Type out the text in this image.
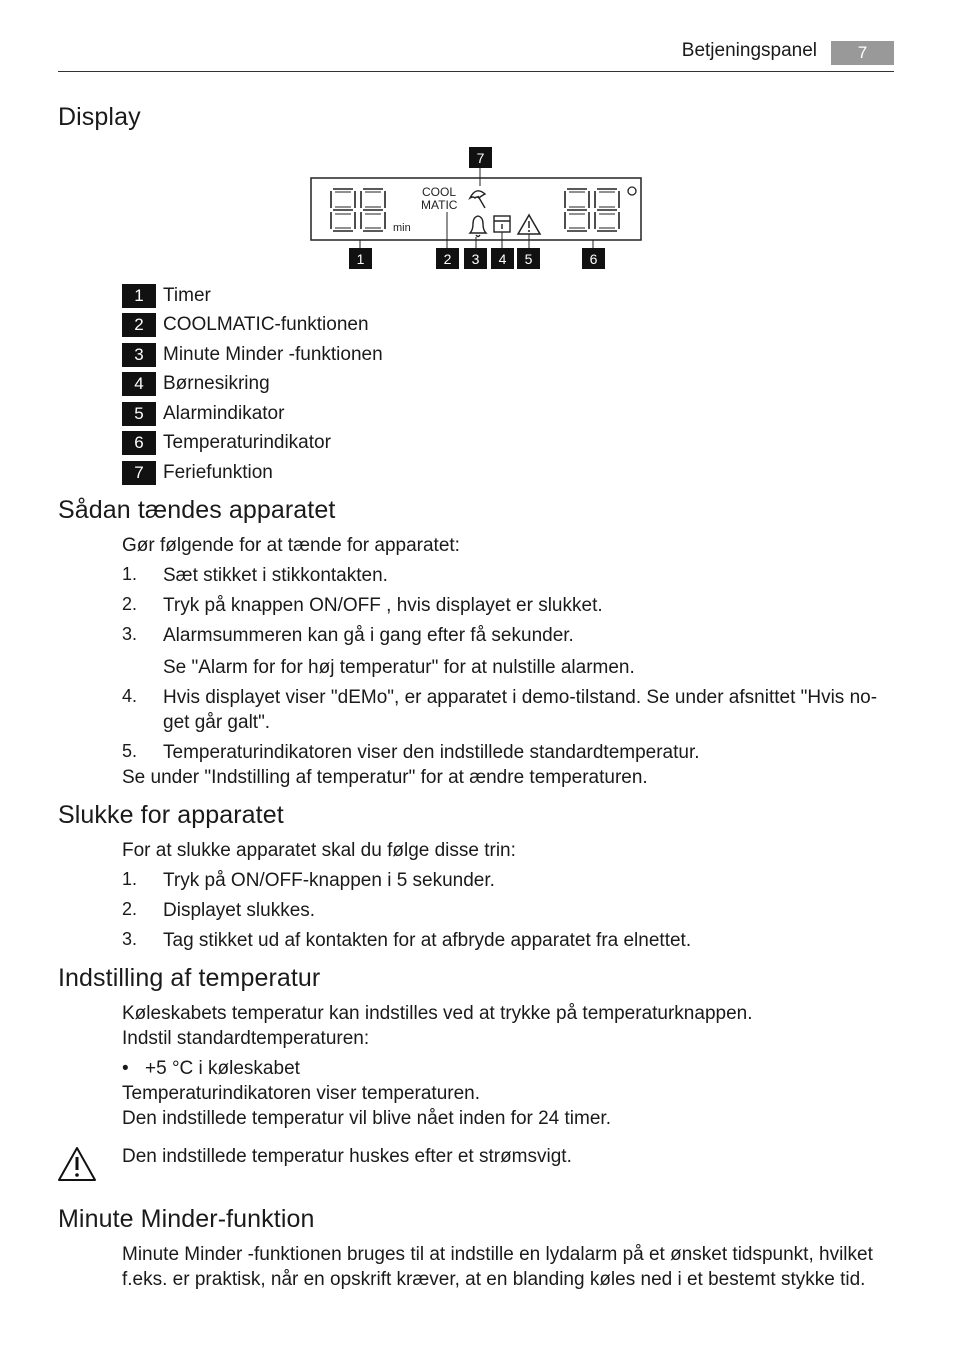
Betjeningspanel	7
Display
min
COOL
MATIC
1	2 3 4 5	6
7
1	Timer
2	COOLMATIC-funktionen
3	Minute Minder -funktionen
4	Børnesikring
5	Alarmindikator
6	Temperaturindikator
7	Feriefunktion
Sådan tændes apparatet
Gør følgende for at tænde for apparatet:
1. Sæt stikket i stikkontakten.
2. Tryk på knappen ON/OFF , hvis displayet er slukket.
3. Alarmsummeren kan gå i gang efter få sekunder.
Se "Alarm for for høj temperatur" for at nulstille alarmen.
4. Hvis displayet viser "dEMo", er apparatet i demo-tilstand. Se under afsnittet "Hvis no-
get går galt".
5. Temperaturindikatoren viser den indstillede standardtemperatur.
Se under "Indstilling af temperatur" for at ændre temperaturen.
Slukke for apparatet
For at slukke apparatet skal du følge disse trin:
1. Tryk på ON/OFF-knappen i 5 sekunder.
2. Displayet slukkes.
3. Tag stikket ud af kontakten for at afbryde apparatet fra elnettet.
Indstilling af temperatur
Køleskabets temperatur kan indstilles ved at trykke på temperaturknappen.
Indstil standardtemperaturen:
• +5 °C i køleskabet
Temperaturindikatoren viser temperaturen.
Den indstillede temperatur vil blive nået inden for 24 timer.
Den indstillede temperatur huskes efter et strømsvigt.
Minute Minder-funktion
Minute Minder -funktionen bruges til at indstille en lydalarm på et ønsket tidspunkt, hvilket
f.eks. er praktisk, når en opskrift kræver, at en blanding køles ned i et bestemt stykke tid.
